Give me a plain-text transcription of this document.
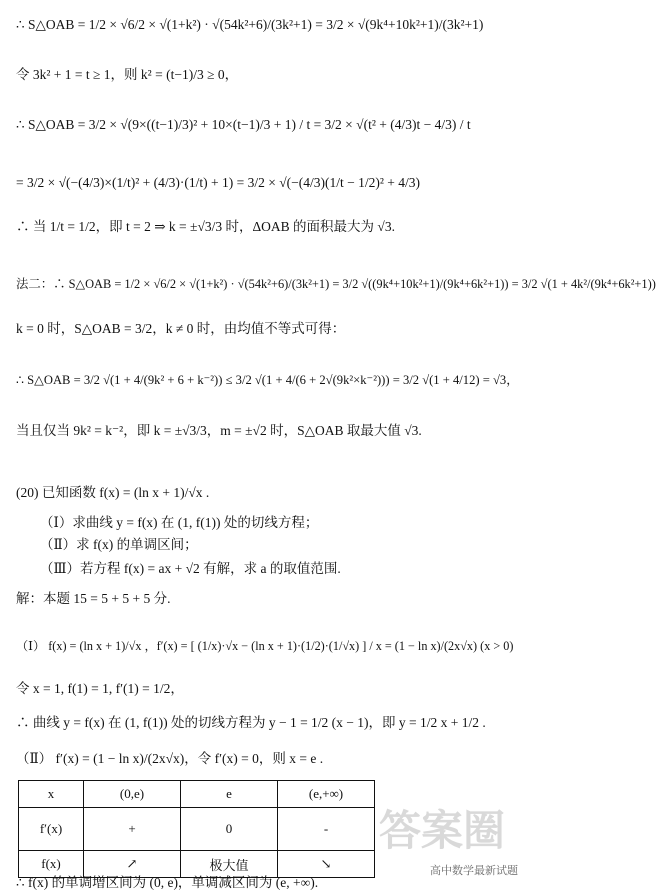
∴ S△OAB = 1/2 × √6/2 × √(1+k²) · √(54k²+6)/(3k²+1) = 3/2 × √(9k⁴+10k²+1)/(3k²+1)
令 3k² + 1 = t ≥ 1，则 k² = (t−1)/3 ≥ 0，
∴ S△OAB = 3/2 × √(9×((t−1)/3)² + 10×(t−1)/3 + 1) / t = 3/2 × √(t² + (4/3)t − 4/3) / t
= 3/2 × √(−(4/3)×(1/t)² + (4/3)·(1/t) + 1) = 3/2 × √(−(4/3)(1/t − 1/2)² + 4/3)
∴ 当 1/t = 1/2，即 t = 2 ⇒ k = ±√3/3 时，ΔOAB 的面积最大为 √3.
法二：∴ S△OAB = 1/2 × √6/2 × √(1+k²) · √(54k²+6)/(3k²+1) = 3/2 √((9k⁴+10k²+1)/(9k⁴+6k²+1)) = 3/2 √(1 + 4k²/(9k⁴+6k²+1))
k = 0 时，S△OAB = 3/2，k ≠ 0 时，由均值不等式可得：
∴ S△OAB = 3/2 √(1 + 4/(9k² + 6 + k⁻²)) ≤ 3/2 √(1 + 4/(6 + 2√(9k²×k⁻²))) = 3/2 √(1 + 4/12) = √3，
当且仅当 9k² = k⁻²，即 k = ±√3/3，m = ±√2 时，S△OAB 取最大值 √3.
(20) 已知函数 f(x) = (ln x + 1)/√x .
（Ⅰ）求曲线 y = f(x) 在 (1, f(1)) 处的切线方程；
（Ⅱ）求 f(x) 的单调区间；
（Ⅲ）若方程 f(x) = ax + √2 有解，求 a 的取值范围.
解：本题 15 = 5 + 5 + 5 分.
（Ⅰ） f(x) = (ln x + 1)/√x ，f′(x) = [ (1/x)·√x − (ln x + 1)·(1/2)·(1/√x) ] / x = (1 − ln x)/(2x√x) (x > 0)
令 x = 1, f(1) = 1, f′(1) = 1/2，
∴ 曲线 y = f(x) 在 (1, f(1)) 处的切线方程为 y − 1 = 1/2 (x − 1)，即 y = 1/2 x + 1/2 .
（Ⅱ） f′(x) = (1 − ln x)/(2x√x)，令 f′(x) = 0，则 x = e .
x	(0,e)	e	(e,+∞)
f′(x)	+	0	-
f(x)	↗	极大值	↘
∴ f(x) 的单调增区间为 (0, e)，单调减区间为 (e, +∞).
答案圈
高中数学最新试题
